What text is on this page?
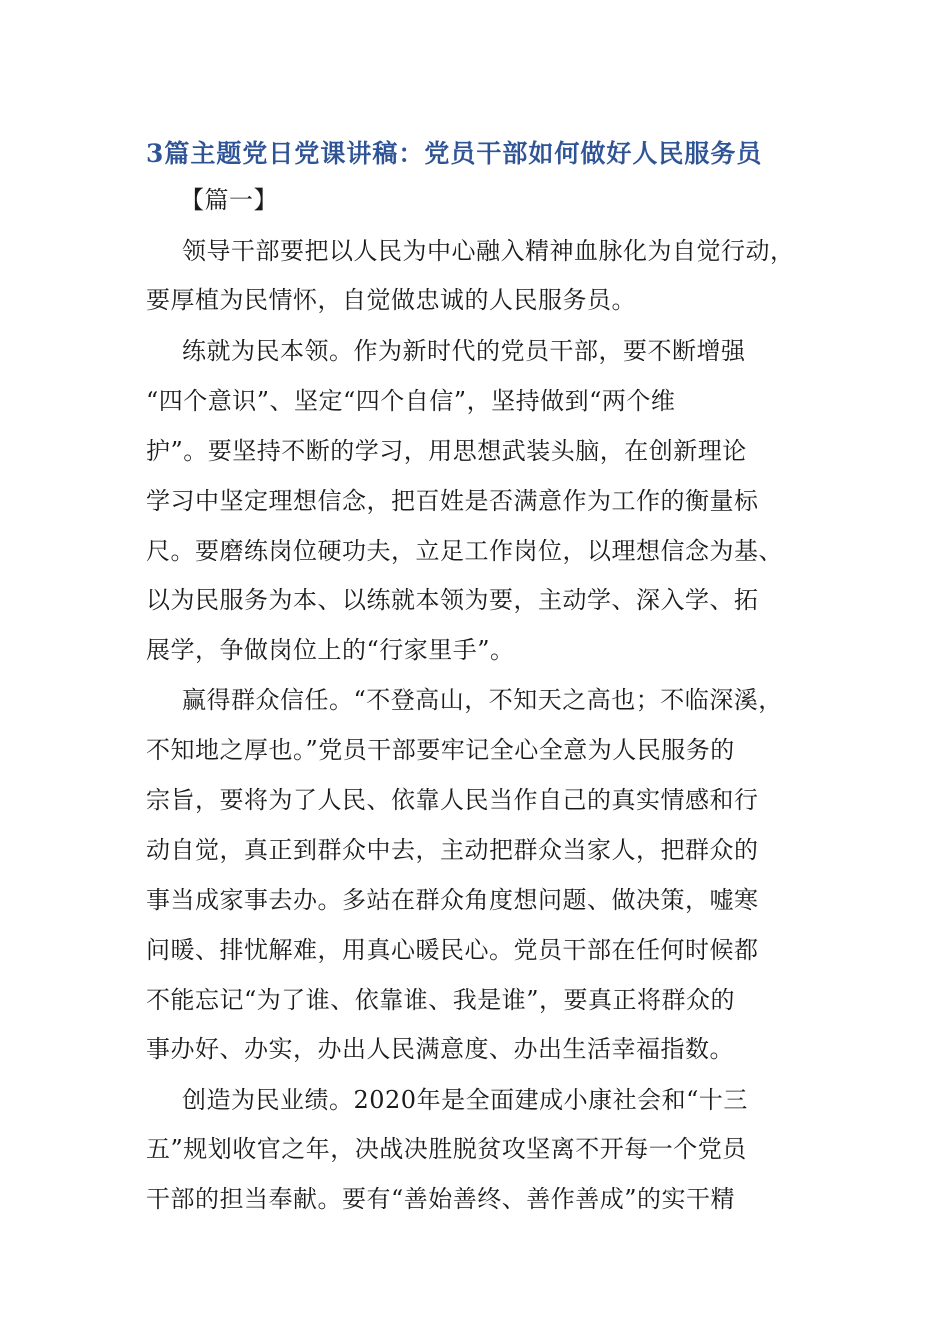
3篇主题党日党课讲稿：党员干部如何做好人民服务员
【篇一】
领导干部要把以人民为中心融入精神血脉化为自觉行动，
要厚植为民情怀，自觉做忠诚的人民服务员。
练就为民本领。作为新时代的党员干部，要不断增强
“四个意识”、坚定“四个自信”，坚持做到“两个维
护”。要坚持不断的学习，用思想武装头脑，在创新理论
学习中坚定理想信念，把百姓是否满意作为工作的衡量标
尺。要磨练岗位硬功夫，立足工作岗位，以理想信念为基、
以为民服务为本、以练就本领为要，主动学、深入学、拓
展学，争做岗位上的“行家里手”。
赢得群众信任。“不登高山，不知天之高也；不临深溪，
不知地之厚也。”党员干部要牢记全心全意为人民服务的
宗旨，要将为了人民、依靠人民当作自己的真实情感和行
动自觉，真正到群众中去，主动把群众当家人，把群众的
事当成家事去办。多站在群众角度想问题、做决策，嘘寒
问暖、排忧解难，用真心暖民心。党员干部在任何时候都
不能忘记“为了谁、依靠谁、我是谁”，要真正将群众的
事办好、办实，办出人民满意度、办出生活幸福指数。
创造为民业绩。2020年是全面建成小康社会和“十三
五”规划收官之年，决战决胜脱贫攻坚离不开每一个党员
干部的担当奉献。要有“善始善终、善作善成”的实干精
